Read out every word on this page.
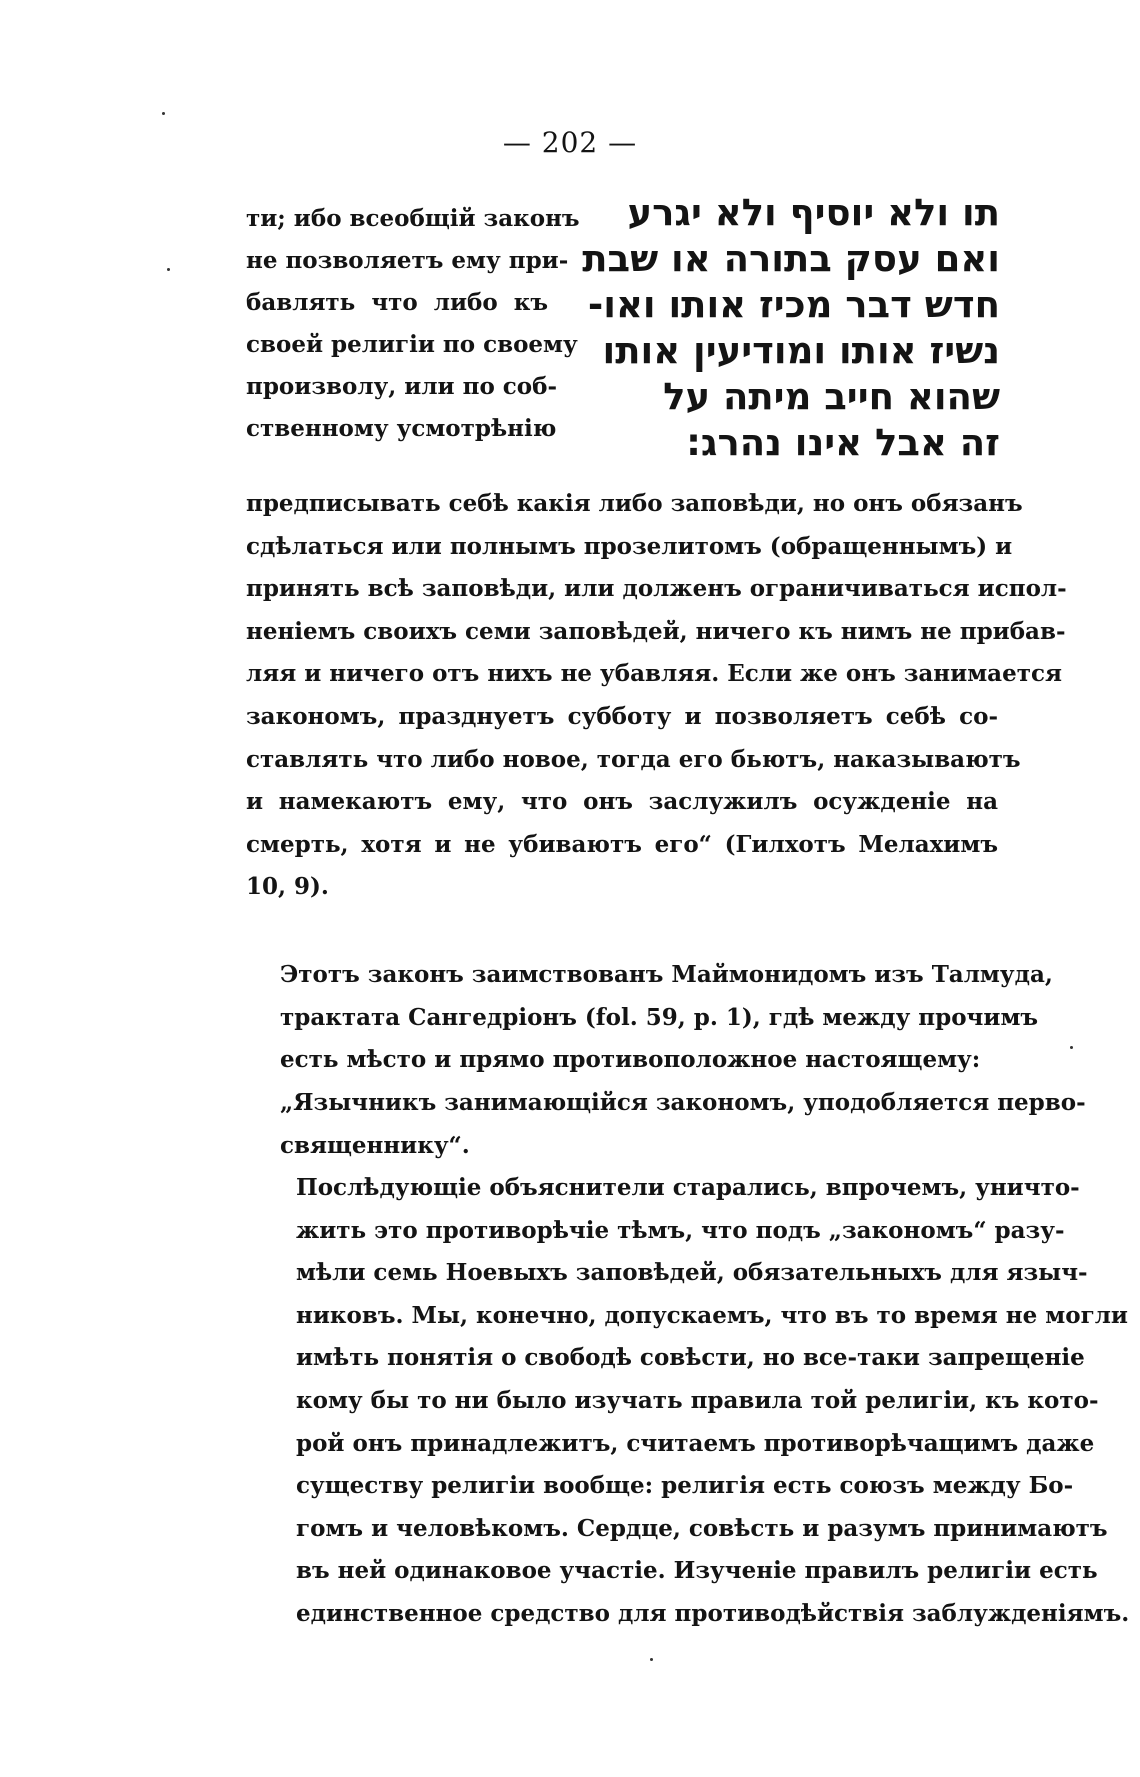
— 202 —
ти; ибо всеобщій законъ
не позволяетъ ему при-
бавлять что либо къ
своей религіи по своему
произволу, или по соб-
ственному усмотрѣнію
תו ולא יוסיף ולא יגרע
ואם עסק בתורה או שבת
חדש דבר מכיז אותו ואו-
נשיז אותו ומודיעין אותו
שהוא חייב מיתה על
זה אבל אינו נהרג:
предписывать себѣ какія либо заповѣди, но онъ обязанъ
сдѣлаться или полнымъ прозелитомъ (обращеннымъ) и
принять всѣ заповѣди, или долженъ ограничиваться испол-
неніемъ своихъ семи заповѣдей, ничего къ нимъ не прибав-
ляя и ничего отъ нихъ не убавляя. Если же онъ занимается
закономъ, празднуетъ субботу и позволяетъ себѣ со-
ставлять что либо новое, тогда его бьютъ, наказываютъ
и намекаютъ ему, что онъ заслужилъ осужденіе на
смерть, хотя и не убиваютъ его“ (Гилхотъ Мелахимъ
10, 9).
Этотъ законъ заимствованъ Маймонидомъ изъ Талмуда,
трактата Сангедріонъ (fol. 59, p. 1), гдѣ между прочимъ
есть мѣсто и прямо противоположное настоящему:
„Язычникъ занимающійся закономъ, уподобляется перво-
священнику“.
Послѣдующіе объяснители старались, впрочемъ, уничто-
жить это противорѣчіе тѣмъ, что подъ „закономъ“ разу-
мѣли семь Ноевыхъ заповѣдей, обязательныхъ для языч-
никовъ. Мы, конечно, допускаемъ, что въ то время не могли
имѣть понятія о свободѣ совѣсти, но все-таки запрещеніе
кому бы то ни было изучать правила той религіи, къ кото-
рой онъ принадлежитъ, считаемъ противорѣчащимъ даже
существу религіи вообще: религія есть союзъ между Бо-
гомъ и человѣкомъ. Сердце, совѣсть и разумъ принимаютъ
въ ней одинаковое участіе. Изученіе правилъ религіи есть
единственное средство для противодѣйствія заблужденіямъ.
